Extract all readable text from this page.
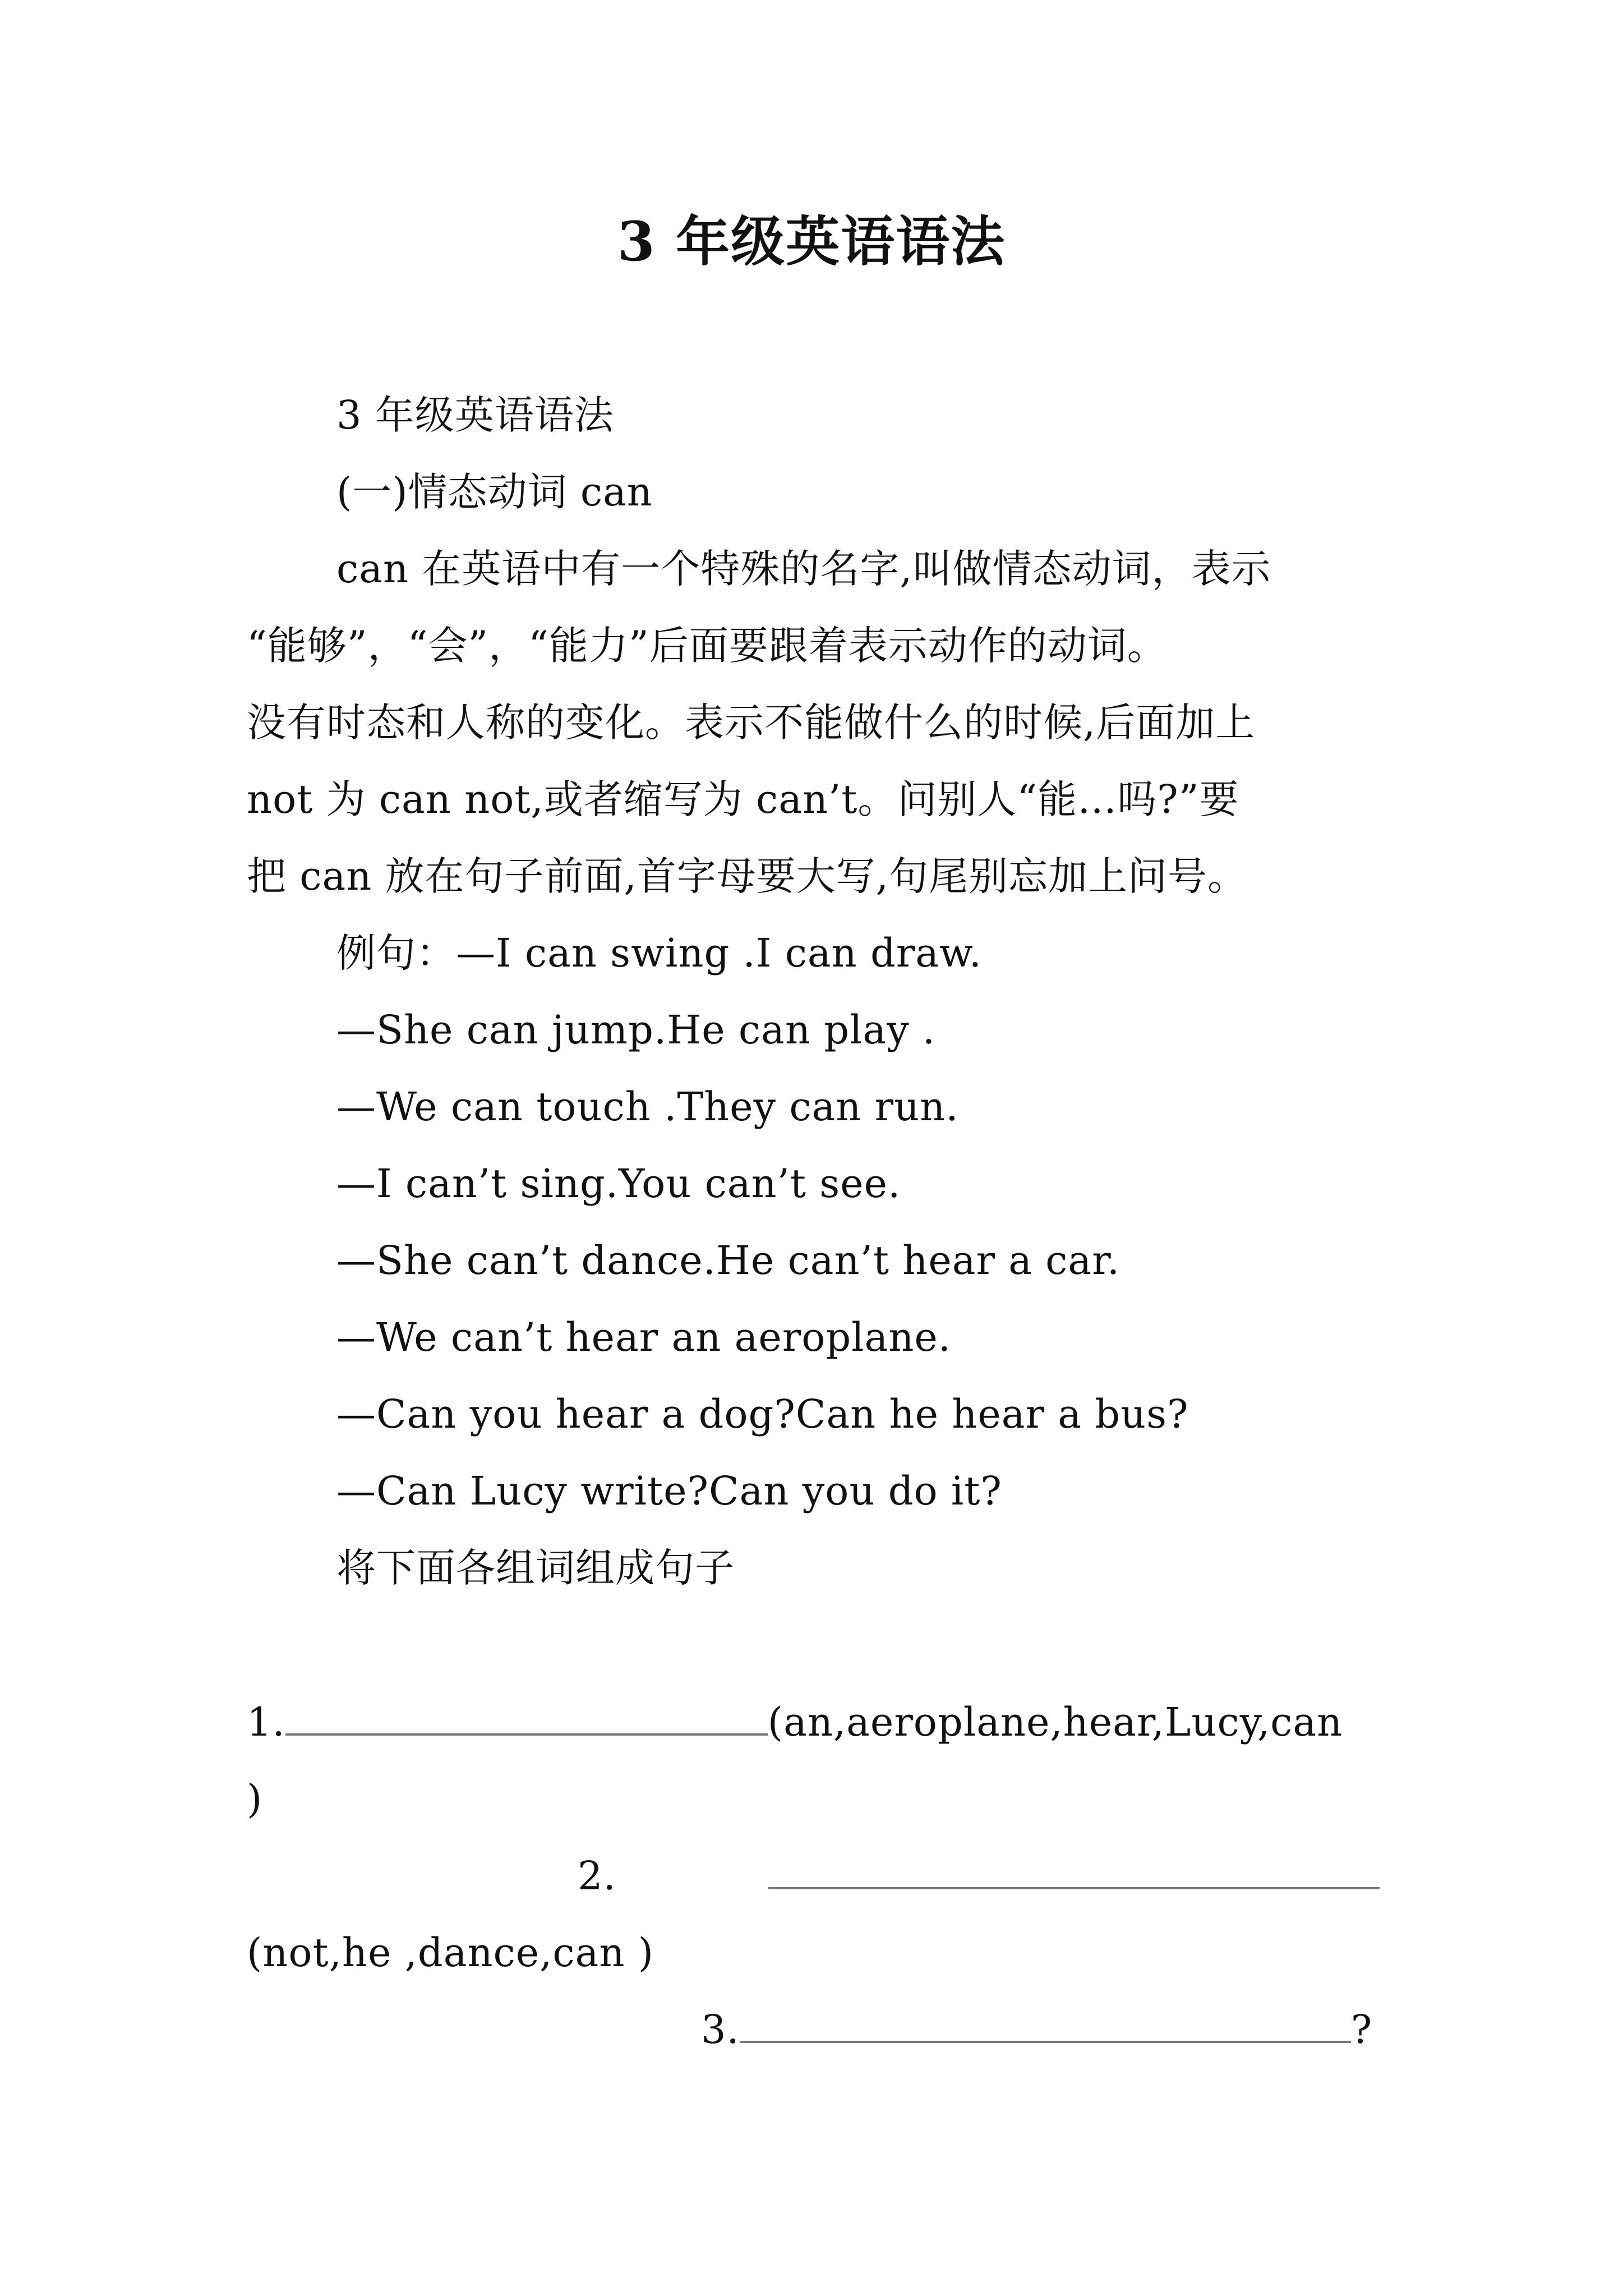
3 年级英语语法
3 年级英语语法
(一)情态动词 can
can 在英语中有一个特殊的名字,叫做情态动词，表示
“能够”，“会”，“能力”后面要跟着表示动作的动词。
没有时态和人称的变化。表示不能做什么的时候,后面加上
not 为 can not,或者缩写为 can’t。问别人“能…吗?”要
把 can 放在句子前面,首字母要大写,句尾别忘加上问号。
例句：—I can swing .I can draw.
—She can jump.He can play .
—We can touch .They can run.
—I can’t sing.You can’t see.
—She can’t dance.He can’t hear a car.
—We can’t hear an aeroplane.
—Can you hear a dog?Can he hear a bus?
—Can Lucy write?Can you do it?
将下面各组词组成句子
1.	(an,aeroplane,hear,Lucy,can
)
2.
(not,he ,dance,can )
3.	?
